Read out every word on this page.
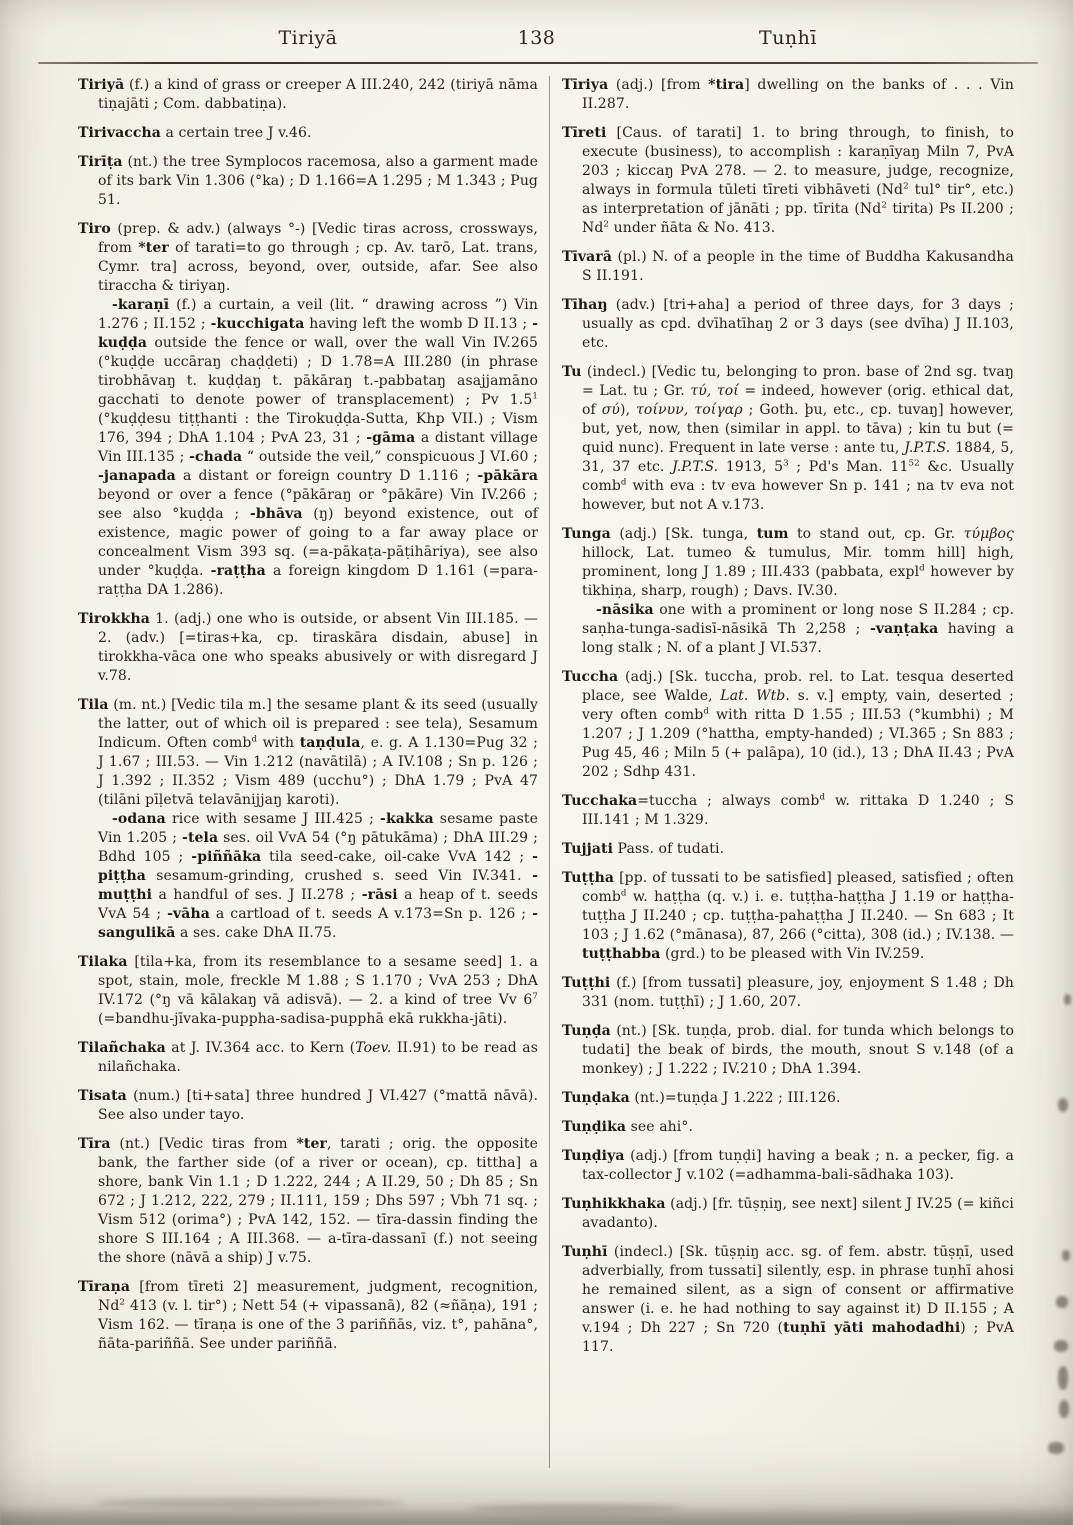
Tiriyā	138	Tuṇhī

Tiriyā (f.) a kind of grass or creeper A III.240, 242 (tiriyā nāma tiṇajāti ; Com. dabbatiṇa).

Tirivaccha a certain tree J v.46.

Tirīṭa (nt.) the tree Symplocos racemosa, also a garment made of its bark Vin 1.306 (°ka) ; D 1.166=A 1.295 ; M 1.343 ; Pug 51.

Tiro (prep. & adv.) (always °-) [Vedic tiras across, crossways, from *ter of tarati=to go through ; cp. Av. tarō, Lat. trans, Cymr. tra] across, beyond, over, outside, afar. See also tiraccha & tiriyaŋ.

-karaṇī (f.) a curtain, a veil (lit. “ drawing across ”) Vin 1.276 ; II.152 ; -kucchigata having left the womb D II.13 ; -kuḍḍa outside the fence or wall, over the wall Vin IV.265 (°kuḍḍe uccāraŋ chaḍḍeti) ; D 1.78=A III.280 (in phrase tirobhāvaŋ t. kuḍḍaŋ t. pākāraŋ t.-pabbataŋ asajjamāno gacchati to denote power of transplacement) ; Pv $1.5^1$ (°kuḍḍesu tiṭṭhanti : the Tirokuḍḍa-Sutta, Khp VII.) ; Vism 176, 394 ; DhA 1.104 ; PvA 23, 31 ; -gāma a distant village Vin III.135 ; -chada “ outside the veil,” conspicuous J VI.60 ; -janapada a distant or foreign country D 1.116 ; -pākāra beyond or over a fence (°pākāraŋ or °pākāre) Vin IV.266 ; see also °kuḍḍa ; -bhāva (ŋ) beyond existence, out of existence, magic power of going to a far away place or concealment Vism 393 sq. (=a-pākaṭa-pāṭihāriya), see also under °kuḍḍa. -raṭṭha a foreign kingdom D 1.161 (=para-raṭṭha DA 1.286).

Tirokkha 1. (adj.) one who is outside, or absent Vin III.185. — 2. (adv.) [=tiras+ka, cp. tiraskāra disdain, abuse] in tirokkha-vāca one who speaks abusively or with disregard J v.78.

Tila (m. nt.) [Vedic tila m.] the sesame plant & its seed (usually the latter, out of which oil is prepared : see tela), Sesamum Indicum. Often comb$^d$ with taṇḍula, e. g. A 1.130=Pug 32 ; J 1.67 ; III.53. — Vin 1.212 (navātilā) ; A IV.108 ; Sn p. 126 ; J 1.392 ; II.352 ; Vism 489 (ucchu°) ; DhA 1.79 ; PvA 47 (tilāni pīḷetvā telavānijjaŋ karoti).

-odana rice with sesame J III.425 ; -kakka sesame paste Vin 1.205 ; -tela ses. oil VvA 54 (°ŋ pātukāma) ; DhA III.29 ; Bdhd 105 ; -piññāka tila seed-cake, oil-cake VvA 142 ; -piṭṭha sesamum-grinding, crushed s. seed Vin IV.341. -muṭṭhi a handful of ses. J II.278 ; -rāsi a heap of t. seeds VvA 54 ; -vāha a cartload of t. seeds A v.173=Sn p. 126 ; -sangulikā a ses. cake DhA II.75.

Tilaka [tila+ka, from its resemblance to a sesame seed] 1. a spot, stain, mole, freckle M 1.88 ; S 1.170 ; VvA 253 ; DhA IV.172 (°ŋ vā kālakaŋ vā adisvā). — 2. a kind of tree Vv $6^7$ (=bandhu-jīvaka-puppha-sadisa-pupphā ekā rukkha-jāti).

Tilañchaka at J. IV.364 acc. to Kern (Toev. II.91) to be read as nilañchaka.

Tisata (num.) [ti+sata] three hundred J VI.427 (°mattā nāvā). See also under tayo.

Tīra (nt.) [Vedic tiras from *ter, tarati ; orig. the opposite bank, the farther side (of a river or ocean), cp. tittha] a shore, bank Vin 1.1 ; D 1.222, 244 ; A II.29, 50 ; Dh 85 ; Sn 672 ; J 1.212, 222, 279 ; II.111, 159 ; Dhs 597 ; Vbh 71 sq. ; Vism 512 (orima°) ; PvA 142, 152. — tīra-dassin finding the shore S III.164 ; A III.368. — a-tīra-dassanī (f.) not seeing the shore (nāvā a ship) J v.75.

Tīraṇa [from tīreti 2] measurement, judgment, recognition, Nd$^2$ 413 (v. l. tir°) ; Nett 54 (+ vipassanā), 82 (≈ñāṇa), 191 ; Vism 162. — tīraṇa is one of the 3 pariññās, viz. t°, pahāna°, ñāta-pariññā. See under pariññā.

Tīriya (adj.) [from *tira] dwelling on the banks of . . . Vin II.287.

Tīreti [Caus. of tarati] 1. to bring through, to finish, to execute (business), to accomplish : karaṇīyaŋ Miln 7, PvA 203 ; kiccaŋ PvA 278. — 2. to measure, judge, recognize, always in formula tūleti tīreti vibhāveti (Nd$^2$ tul° tir°, etc.) as interpretation of jānāti ; pp. tīrita (Nd$^2$ tirita) Ps II.200 ; Nd$^2$ under ñāta & No. 413.

Tīvarā (pl.) N. of a people in the time of Buddha Kakusandha S II.191.

Tīhaŋ (adv.) [tri+aha] a period of three days, for 3 days ; usually as cpd. dvīhatīhaŋ 2 or 3 days (see dvīha) J II.103, etc.

Tu (indecl.) [Vedic tu, belonging to pron. base of 2nd sg. tvaŋ = Lat. tu ; Gr. τύ, τοί = indeed, however (orig. ethical dat, of σύ), τοίνυν, τοίγαρ ; Goth. þu, etc., cp. tuvaŋ] however, but, yet, now, then (similar in appl. to tāva) ; kin tu but (= quid nunc). Frequent in late verse : ante tu, J.P.T.S. 1884, 5, 31, 37 etc. J.P.T.S. 1913, $5^3$ ; Pd's Man. $11^{52}$ &c. Usually comb$^d$ with eva : tv eva however Sn p. 141 ; na tv eva not however, but not A v.173.

Tunga (adj.) [Sk. tunga, tum to stand out, cp. Gr. τύμβος hillock, Lat. tumeo & tumulus, Mir. tomm hill] high, prominent, long J 1.89 ; III.433 (pabbata, expl$^d$ however by tikhiṇa, sharp, rough) ; Davs. IV.30.

-nāsika one with a prominent or long nose S II.284 ; cp. saṇha-tunga-sadisī-nāsikā Th 2,258 ; -vaṇṭaka having a long stalk ; N. of a plant J VI.537.

Tuccha (adj.) [Sk. tuccha, prob. rel. to Lat. tesqua deserted place, see Walde, Lat. Wtb. s. v.] empty, vain, deserted ; very often comb$^d$ with ritta D 1.55 ; III.53 (°kumbhi) ; M 1.207 ; J 1.209 (°hattha, empty-handed) ; VI.365 ; Sn 883 ; Pug 45, 46 ; Miln 5 (+ palāpa), 10 (id.), 13 ; DhA II.43 ; PvA 202 ; Sdhp 431.

Tucchaka=tuccha ; always comb$^d$ w. rittaka D 1.240 ; S III.141 ; M 1.329.

Tujjati Pass. of tudati.

Tuṭṭha [pp. of tussati to be satisfied] pleased, satisfied ; often comb$^d$ w. haṭṭha (q. v.) i. e. tuṭṭha-haṭṭha J 1.19 or haṭṭha-tuṭṭha J II.240 ; cp. tuṭṭha-pahaṭṭha J II.240. — Sn 683 ; It 103 ; J 1.62 (°mānasa), 87, 266 (°citta), 308 (id.) ; IV.138. — tuṭṭhabba (grd.) to be pleased with Vin IV.259.

Tuṭṭhi (f.) [from tussati] pleasure, joy, enjoyment S 1.48 ; Dh 331 (nom. tuṭṭhī) ; J 1.60, 207.

Tuṇḍa (nt.) [Sk. tuṇḍa, prob. dial. for tunda which belongs to tudati] the beak of birds, the mouth, snout S v.148 (of a monkey) ; J 1.222 ; IV.210 ; DhA 1.394.

Tuṇḍaka (nt.)=tuṇḍa J 1.222 ; III.126.

Tuṇḍika see ahi°.

Tuṇḍiya (adj.) [from tuṇḍi] having a beak ; n. a pecker, fig. a tax-collector J v.102 (=adhamma-bali-sādhaka 103).

Tuṇhikkhaka (adj.) [fr. tūṣṇiŋ, see next] silent J IV.25 (= kiñci avadanto).

Tuṇhī (indecl.) [Sk. tūṣṇiŋ acc. sg. of fem. abstr. tūṣṇī, used adverbially, from tussati] silently, esp. in phrase tuṇhī ahosi he remained silent, as a sign of consent or affirmative answer (i. e. he had nothing to say against it) D II.155 ; A v.194 ; Dh 227 ; Sn 720 (tuṇhī yāti mahodadhi) ; PvA 117.
